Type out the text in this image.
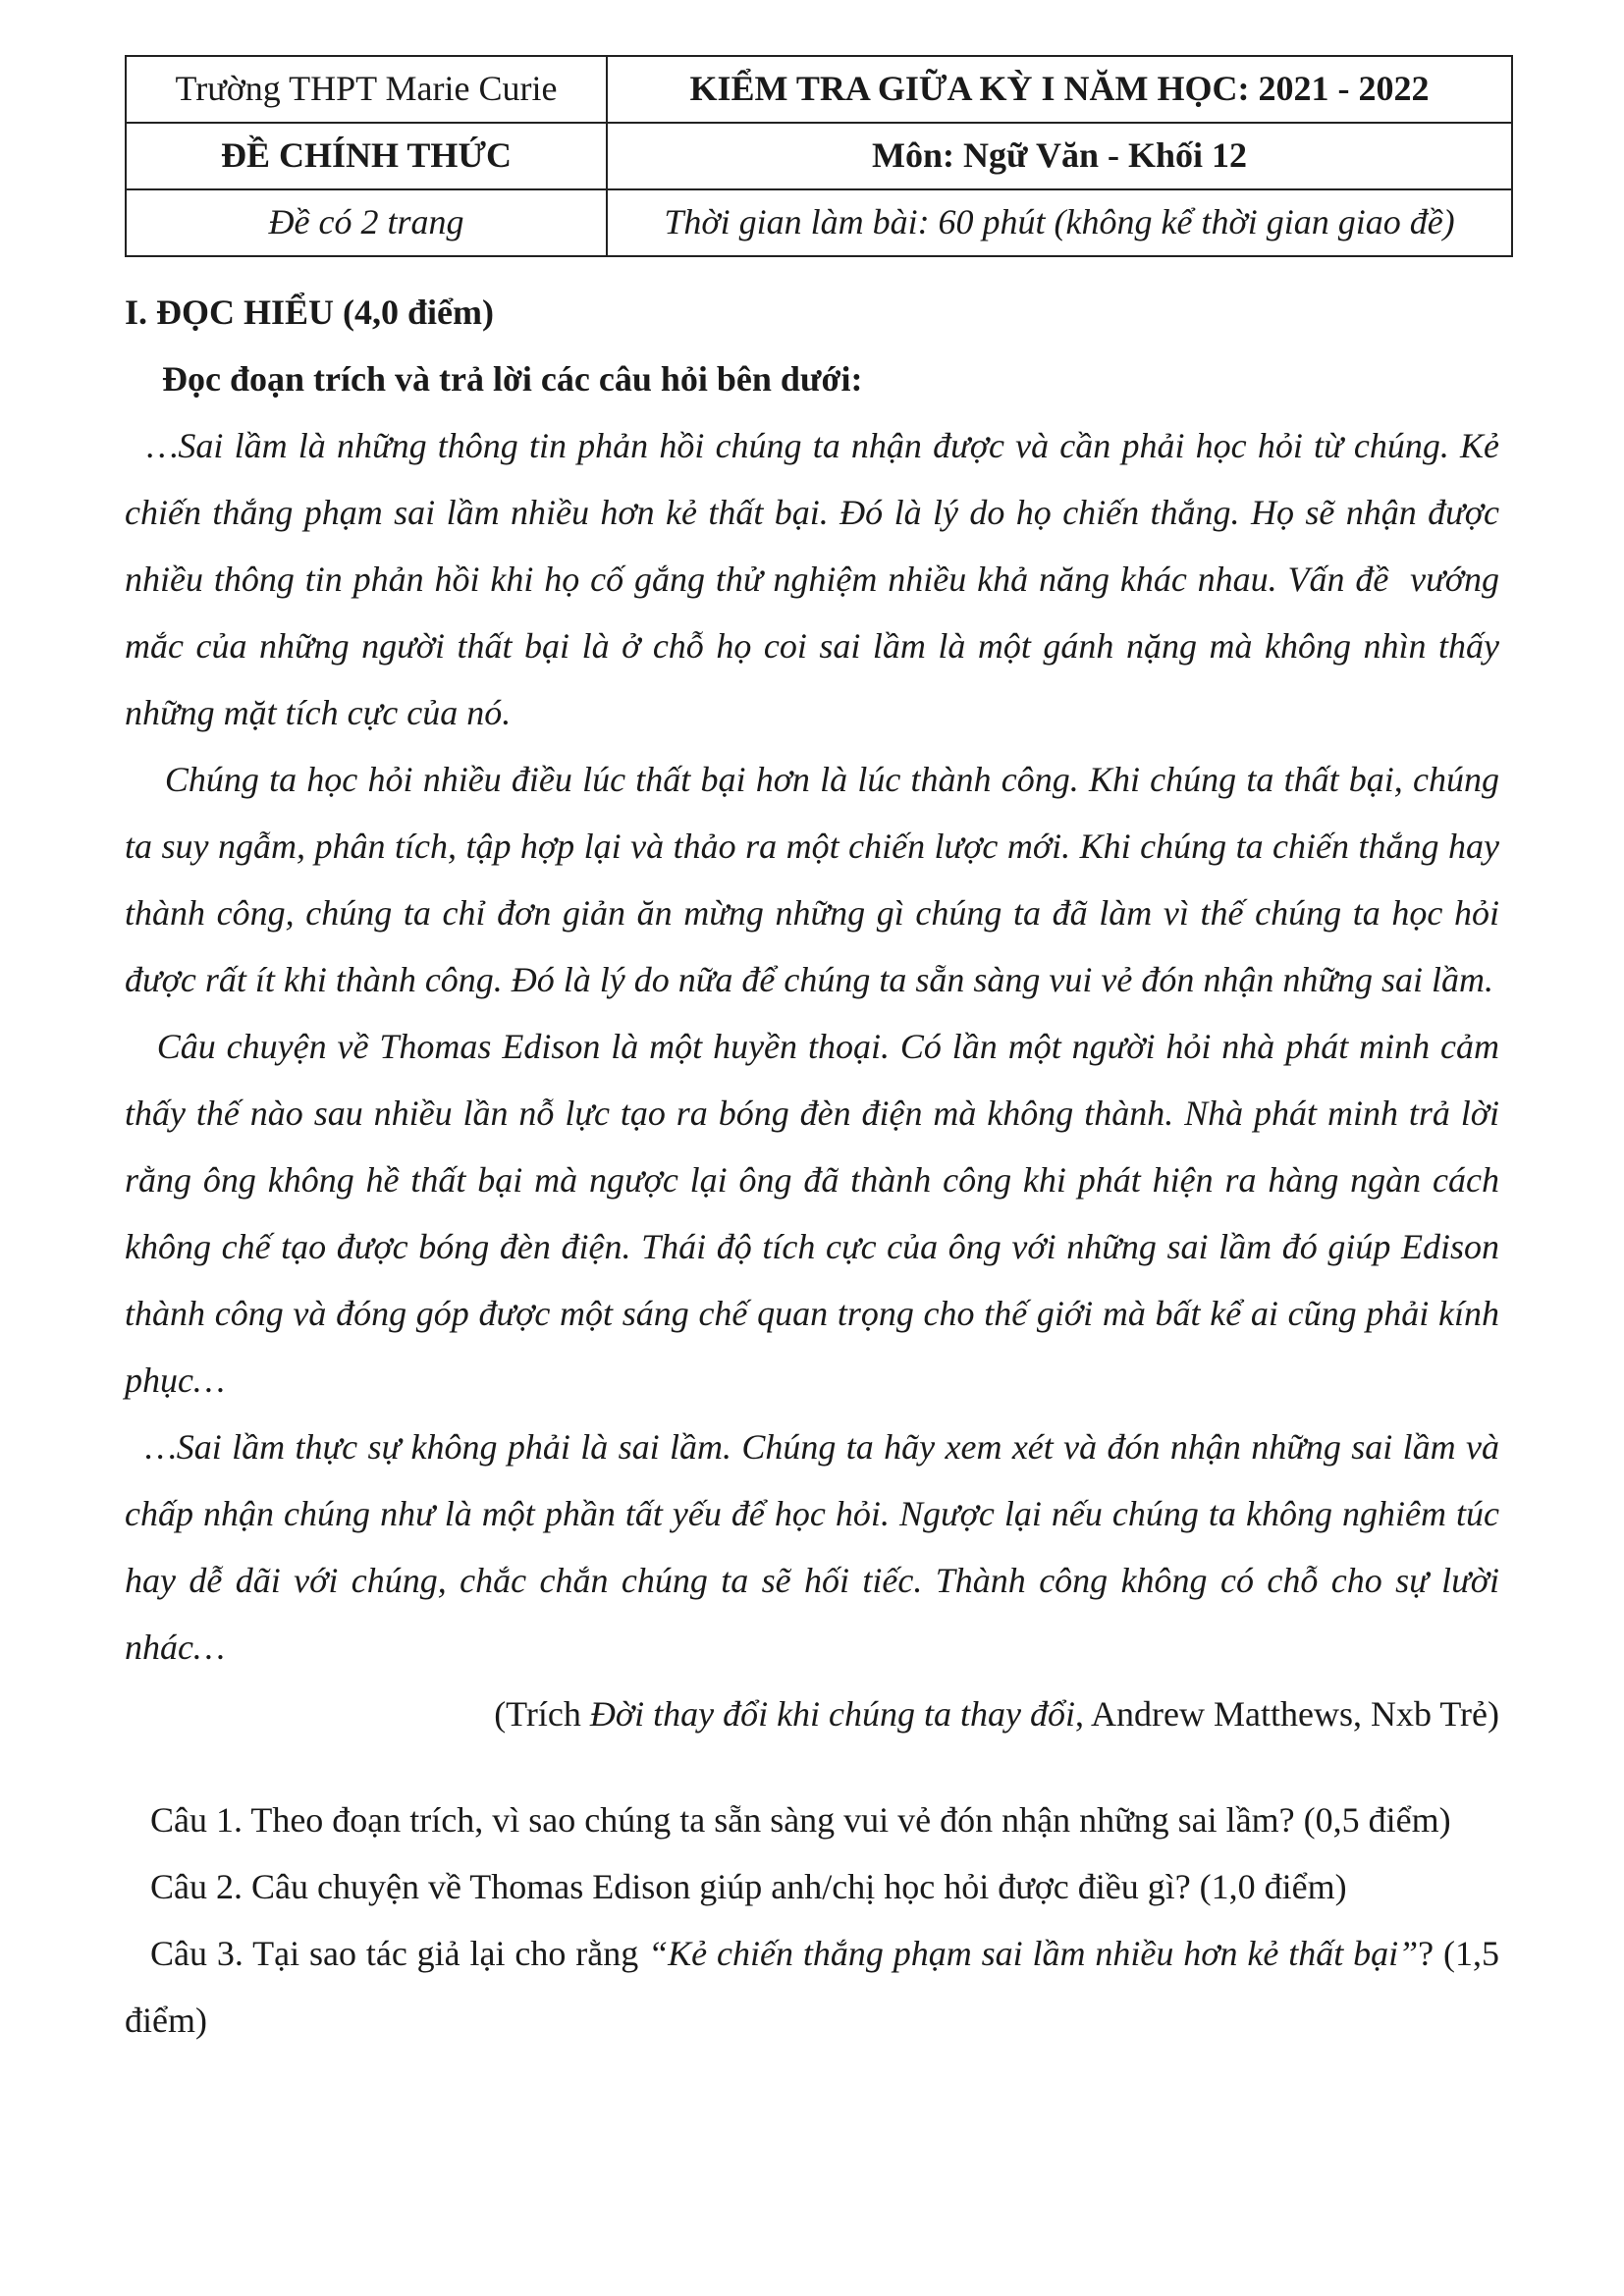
Trường THPT Marie Curie	KIỂM TRA GIỮA KỲ I NĂM HỌC: 2021 - 2022
ĐỀ CHÍNH THỨC	Môn: Ngữ Văn - Khối 12
Đề có 2 trang	Thời gian làm bài: 60 phút (không kể thời gian giao đề)

I. ĐỌC HIỂU (4,0 điểm)

Đọc đoạn trích và trả lời các câu hỏi bên dưới:

…Sai lầm là những thông tin phản hồi chúng ta nhận được và cần phải học hỏi từ chúng. Kẻ chiến thắng phạm sai lầm nhiều hơn kẻ thất bại. Đó là lý do họ chiến thắng. Họ sẽ nhận được nhiều thông tin phản hồi khi họ cố gắng thử nghiệm nhiều khả năng khác nhau. Vấn đề  vướng mắc của những người thất bại là ở chỗ họ coi sai lầm là một gánh nặng mà không nhìn thấy những mặt tích cực của nó.

Chúng ta học hỏi nhiều điều lúc thất bại hơn là lúc thành công. Khi chúng ta thất bại, chúng ta suy ngẫm, phân tích, tập hợp lại và thảo ra một chiến lược mới. Khi chúng ta chiến thắng hay thành công, chúng ta chỉ đơn giản ăn mừng những gì chúng ta đã làm vì thế chúng ta học hỏi được rất ít khi thành công. Đó là lý do nữa để chúng ta sẵn sàng vui vẻ đón nhận những sai lầm.

Câu chuyện về Thomas Edison là một huyền thoại. Có lần một người hỏi nhà phát minh cảm thấy thế nào sau nhiều lần nỗ lực tạo ra bóng đèn điện mà không thành. Nhà phát minh trả lời rằng ông không hề thất bại mà ngược lại ông đã thành công khi phát hiện ra hàng ngàn cách không chế tạo được bóng đèn điện. Thái độ tích cực của ông với những sai lầm đó giúp Edison thành công và đóng góp được một sáng chế quan trọng cho thế giới mà bất kể ai cũng phải kính phục…

…Sai lầm thực sự không phải là sai lầm. Chúng ta hãy xem xét và đón nhận những sai lầm và chấp nhận chúng như là một phần tất yếu để học hỏi. Ngược lại nếu chúng ta không nghiêm túc hay dễ dãi với chúng, chắc chắn chúng ta sẽ hối tiếc. Thành công không có chỗ cho sự lười nhác…

(Trích Đời thay đổi khi chúng ta thay đổi, Andrew Matthews, Nxb Trẻ)

Câu 1. Theo đoạn trích, vì sao chúng ta sẵn sàng vui vẻ đón nhận những sai lầm? (0,5 điểm)

Câu 2. Câu chuyện về Thomas Edison giúp anh/chị học hỏi được điều gì? (1,0 điểm)

Câu 3. Tại sao tác giả lại cho rằng “Kẻ chiến thắng phạm sai lầm nhiều hơn kẻ thất bại”? (1,5 điểm)
